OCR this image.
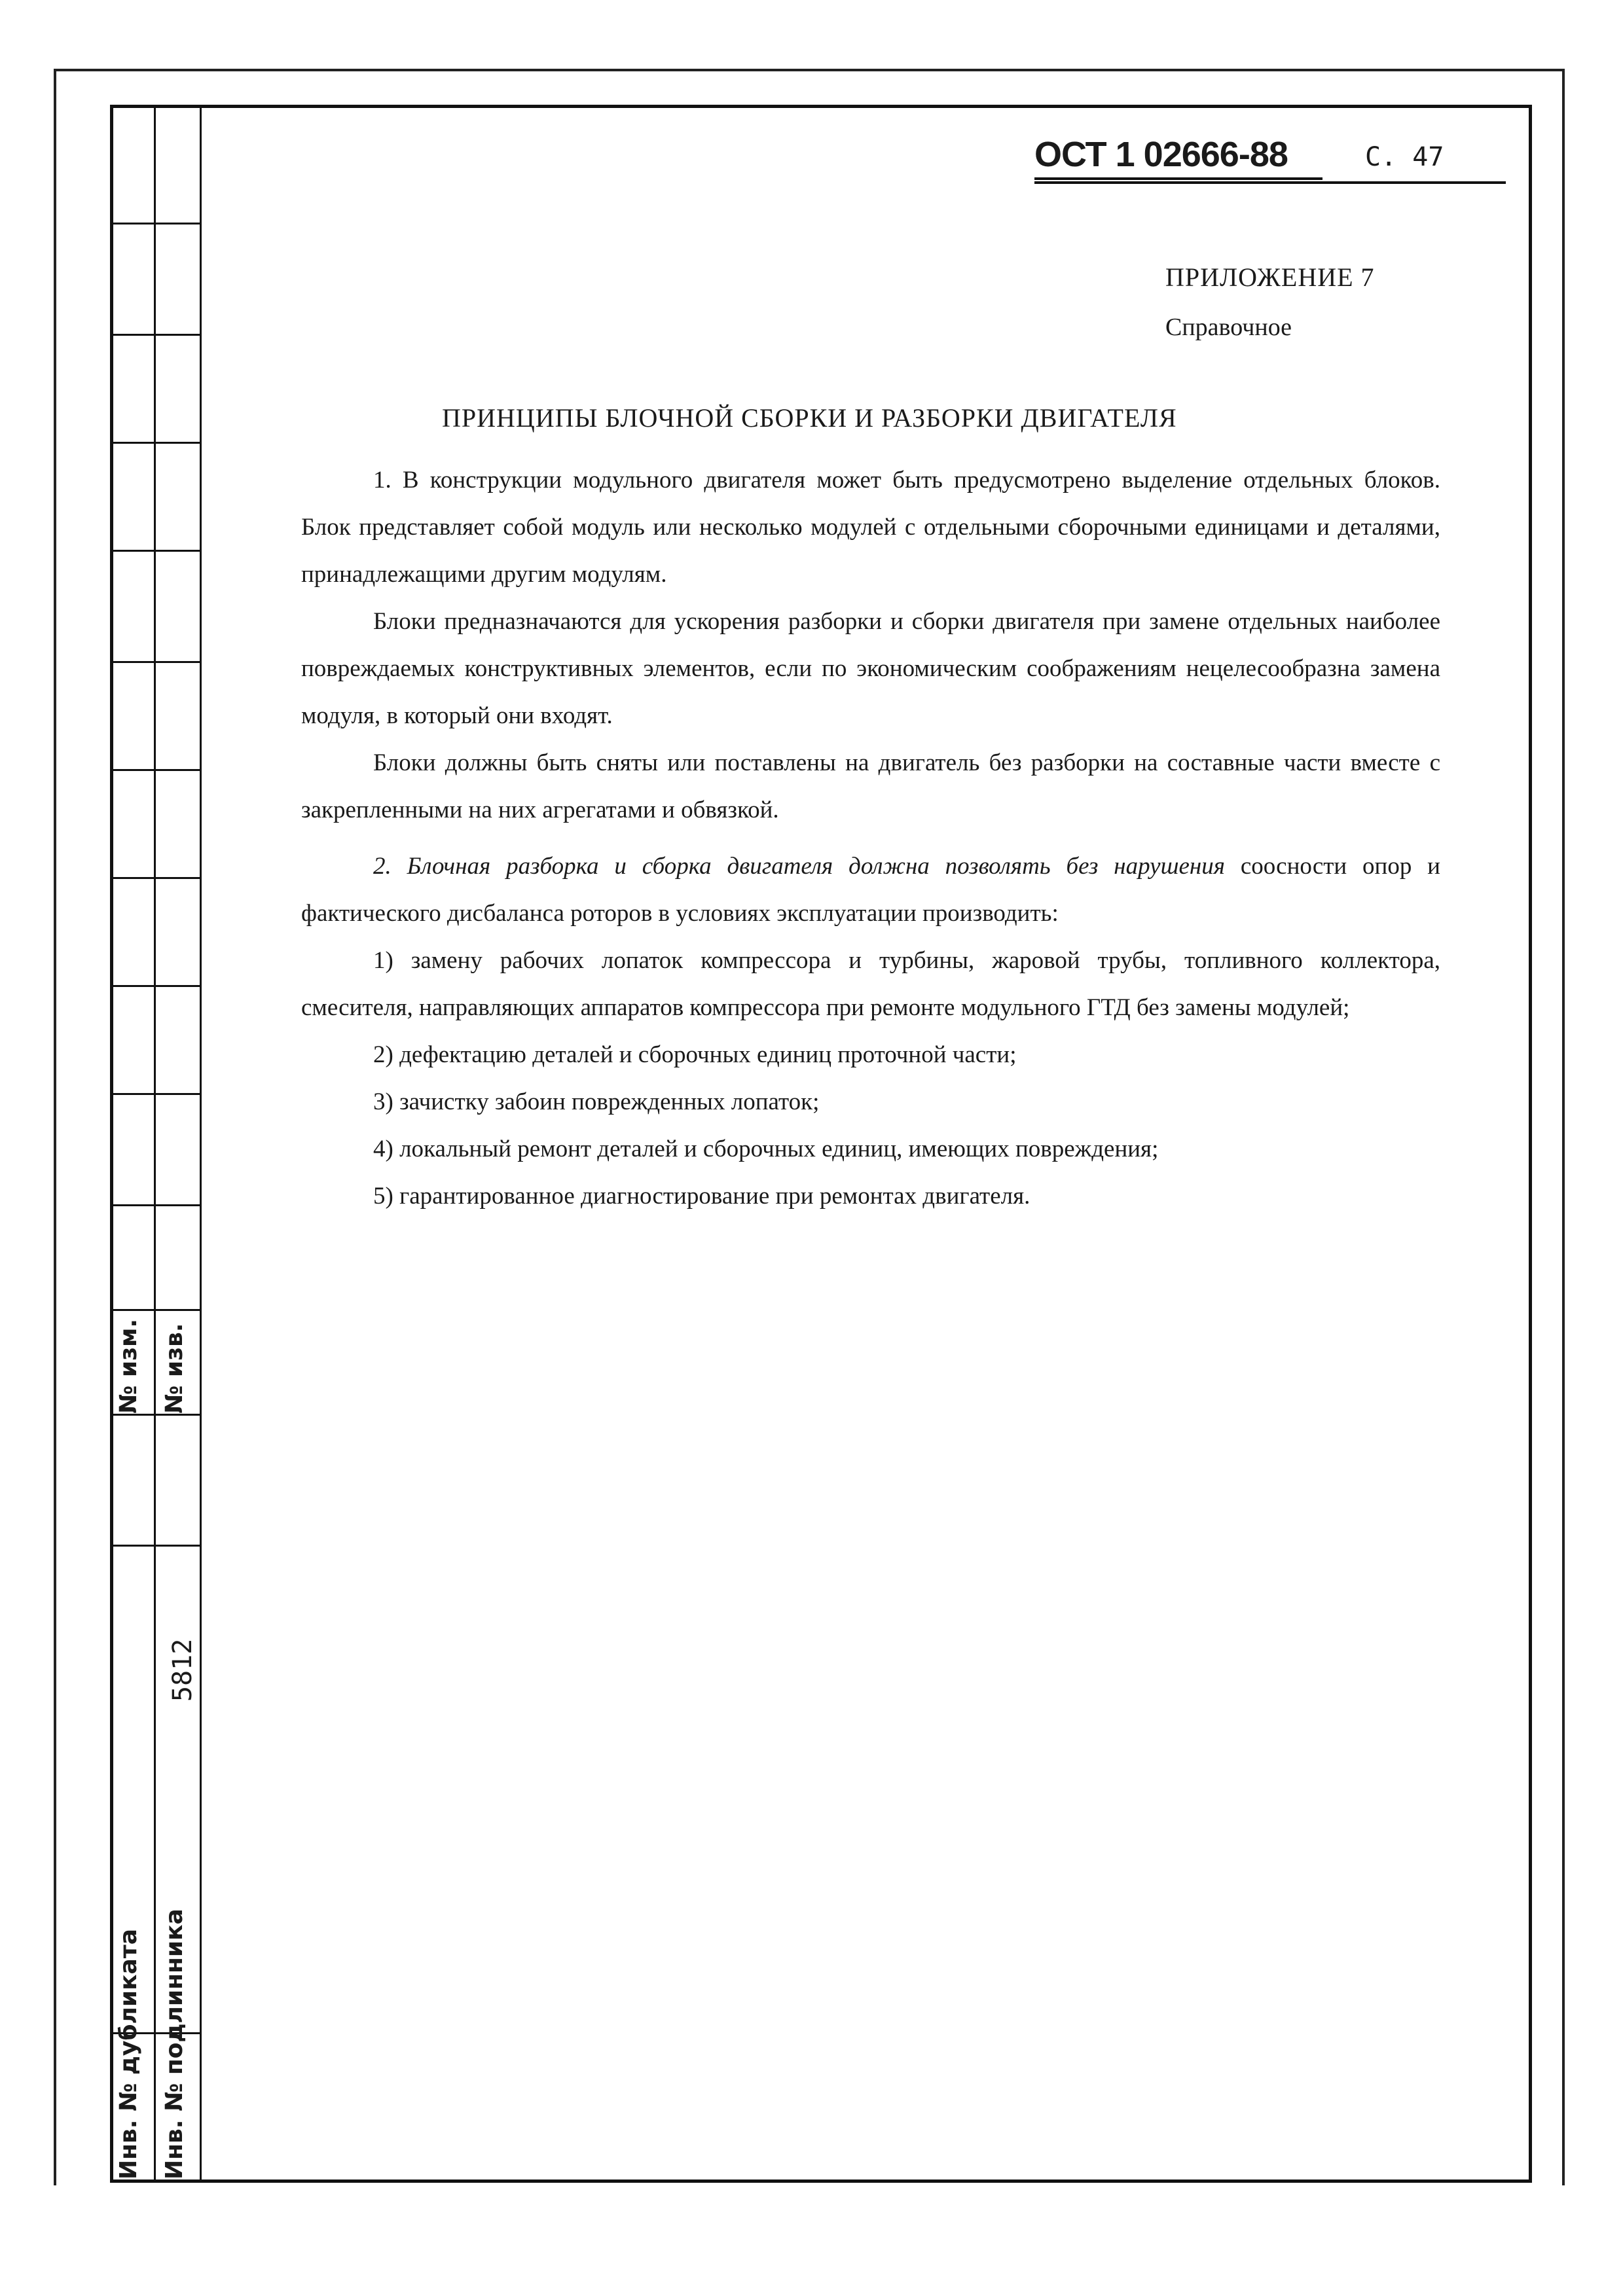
№ изм. № изв.
5812
Инв. № дубликата Инв. № подлинника
ОСТ 1 02666-88	С. 47
ПРИЛОЖЕНИЕ 7
Справочное
ПРИНЦИПЫ БЛОЧНОЙ СБОРКИ И РАЗБОРКИ ДВИГАТЕЛЯ

1. В конструкции модульного двигателя может быть предусмотрено выделение отдельных блоков. Блок представляет собой модуль или несколько модулей с отдельными сборочными единицами и деталями, принадлежащими другим модулям.

Блоки предназначаются для ускорения разборки и сборки двигателя при замене отдельных наиболее повреждаемых конструктивных элементов, если по экономическим соображениям нецелесообразна замена модуля, в который они входят.

Блоки должны быть сняты или поставлены на двигатель без разборки на составные части вместе с закрепленными на них агрегатами и обвязкой.

2. Блочная разборка и сборка двигателя должна позволять без нарушения соосности опор и фактического дисбаланса роторов в условиях эксплуатации производить:

1) замену рабочих лопаток компрессора и турбины, жаровой трубы, топливного коллектора, смесителя, направляющих аппаратов компрессора при ремонте модульного ГТД без замены модулей;

2) дефектацию деталей и сборочных единиц проточной части;

3) зачистку забоин поврежденных лопаток;

4) локальный ремонт деталей и сборочных единиц, имеющих повреждения;

5) гарантированное диагностирование при ремонтах двигателя.
